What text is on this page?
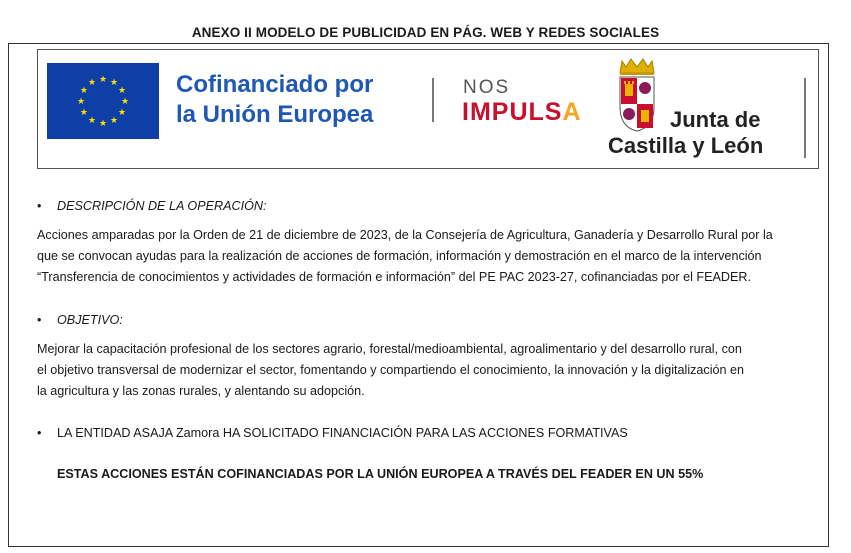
ANEXO II MODELO DE PUBLICIDAD EN PÁG. WEB Y REDES SOCIALES
★ ★
★
★
★
★
★
★
★
★
★
★	Cofinanciado por
la Unión Europea
NOS
IMPULSA	Junta de
Castilla y León
• DESCRIPCIÓN DE LA OPERACIÓN:
Acciones amparadas por la Orden de 21 de diciembre de 2023, de la Consejería de Agricultura, Ganadería y Desarrollo Rural por la
que se convocan ayudas para la realización de acciones de formación, información y demostración en el marco de la intervención
“Transferencia de conocimientos y actividades de formación e información” del PE PAC 2023-27, cofinanciadas por el FEADER.
• OBJETIVO:
Mejorar la capacitación profesional de los sectores agrario, forestal/medioambiental, agroalimentario y del desarrollo rural, con
el objetivo transversal de modernizar el sector, fomentando y compartiendo el conocimiento, la innovación y la digitalización en
la agricultura y las zonas rurales, y alentando su adopción.
• LA ENTIDAD ASAJA Zamora HA SOLICITADO FINANCIACIÓN PARA LAS ACCIONES FORMATIVAS
ESTAS ACCIONES ESTÁN COFINANCIADAS POR LA UNIÓN EUROPEA A TRAVÉS DEL FEADER EN UN 55%
